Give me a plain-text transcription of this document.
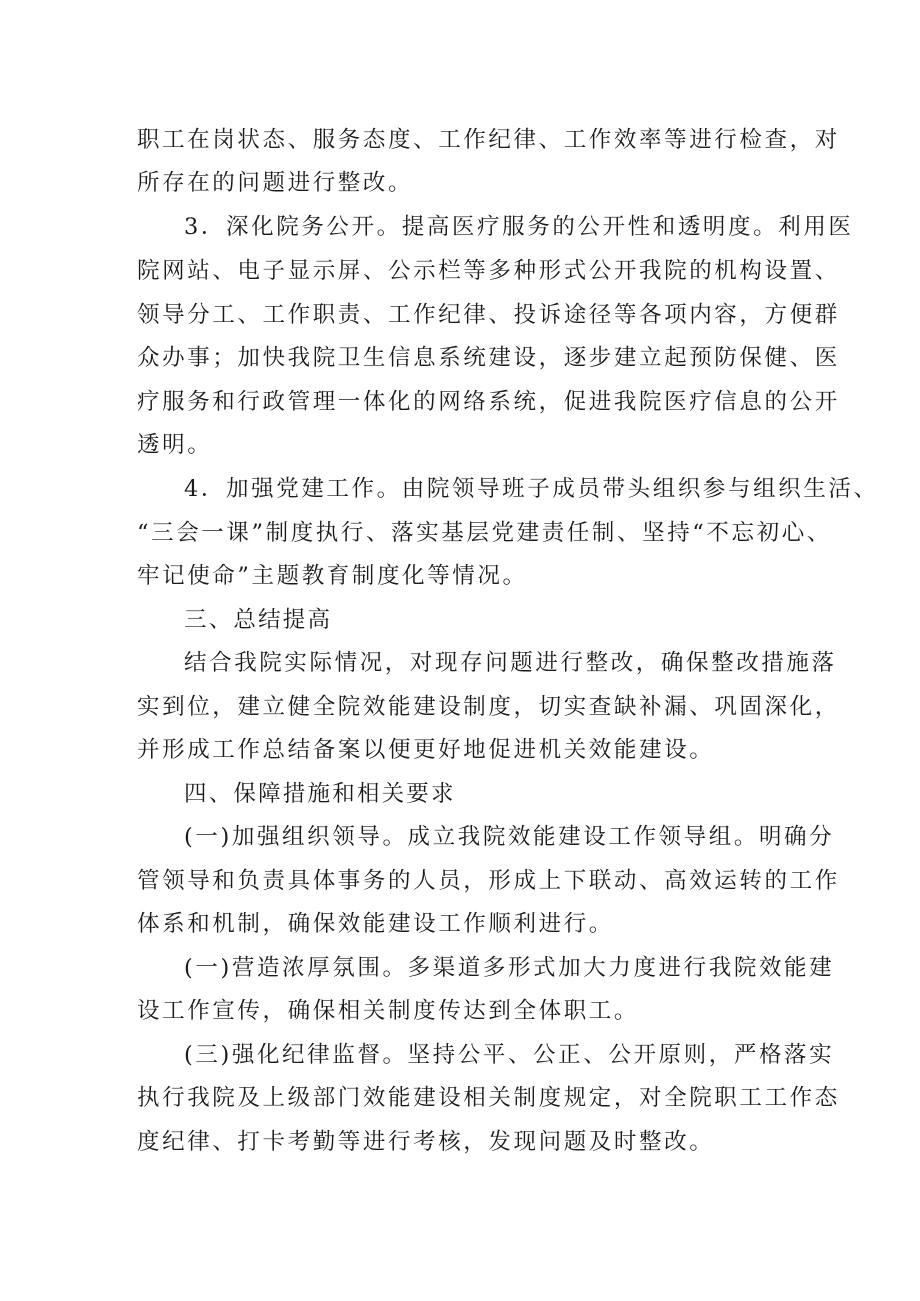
职工在岗状态、服务态度、工作纪律、工作效率等进行检查，对
所存在的问题进行整改。
3．深化院务公开。提高医疗服务的公开性和透明度。利用医
院网站、电子显示屏、公示栏等多种形式公开我院的机构设置、
领导分工、工作职责、工作纪律、投诉途径等各项内容，方便群
众办事；加快我院卫生信息系统建设，逐步建立起预防保健、医
疗服务和行政管理一体化的网络系统，促进我院医疗信息的公开
透明。
4．加强党建工作。由院领导班子成员带头组织参与组织生活、
“三会一课”制度执行、落实基层党建责任制、坚持“不忘初心、
牢记使命”主题教育制度化等情况。
三、总结提高
结合我院实际情况，对现存问题进行整改，确保整改措施落
实到位，建立健全院效能建设制度，切实查缺补漏、巩固深化，
并形成工作总结备案以便更好地促进机关效能建设。
四、保障措施和相关要求
(一)加强组织领导。成立我院效能建设工作领导组。明确分
管领导和负责具体事务的人员，形成上下联动、高效运转的工作
体系和机制，确保效能建设工作顺利进行。
(一)营造浓厚氛围。多渠道多形式加大力度进行我院效能建
设工作宣传，确保相关制度传达到全体职工。
(三)强化纪律监督。坚持公平、公正、公开原则，严格落实
执行我院及上级部门效能建设相关制度规定，对全院职工工作态
度纪律、打卡考勤等进行考核，发现问题及时整改。
